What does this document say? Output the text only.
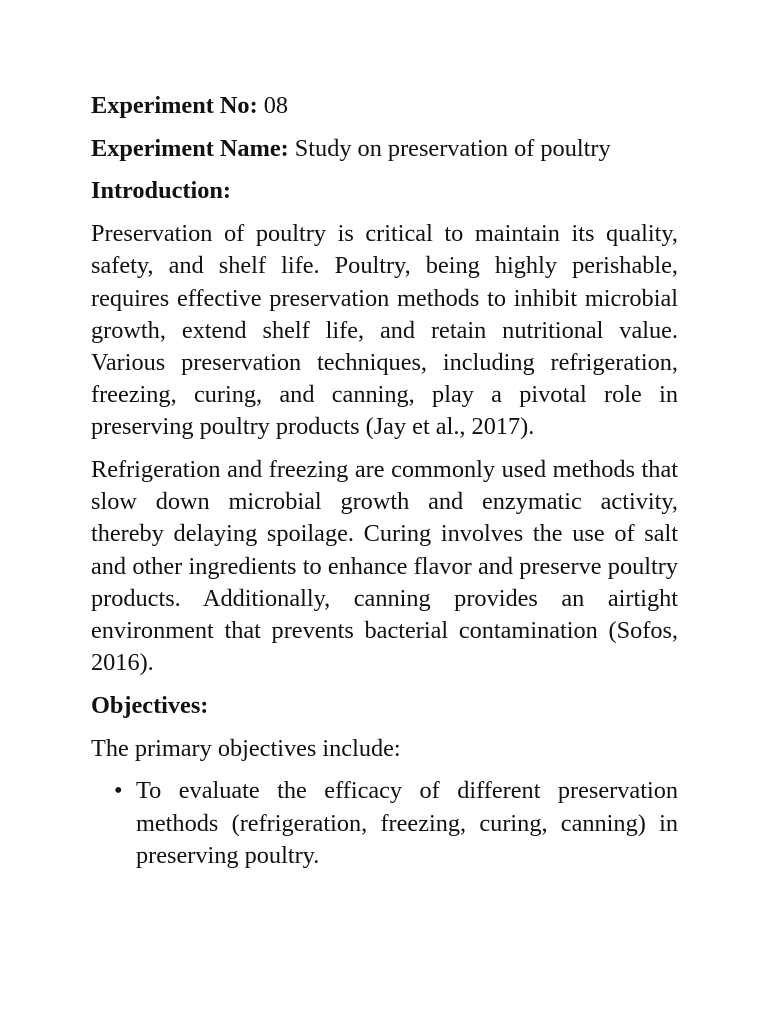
Experiment No: 08

Experiment Name: Study on preservation of poultry

Introduction:

Preservation of poultry is critical to maintain its quality, safety, and shelf life. Poultry, being highly perishable, requires effective preservation methods to inhibit microbial growth, extend shelf life, and retain nutritional value. Various preservation techniques, including refrigeration, freezing, curing, and canning, play a pivotal role in preserving poultry products (Jay et al., 2017).

Refrigeration and freezing are commonly used methods that slow down microbial growth and enzymatic activity, thereby delaying spoilage. Curing involves the use of salt and other ingredients to enhance flavor and preserve poultry products. Additionally, canning provides an airtight environment that prevents bacterial contamination (Sofos, 2016).

Objectives:

The primary objectives include:

• To evaluate the efficacy of different preservation methods (refrigeration, freezing, curing, canning) in preserving poultry.
